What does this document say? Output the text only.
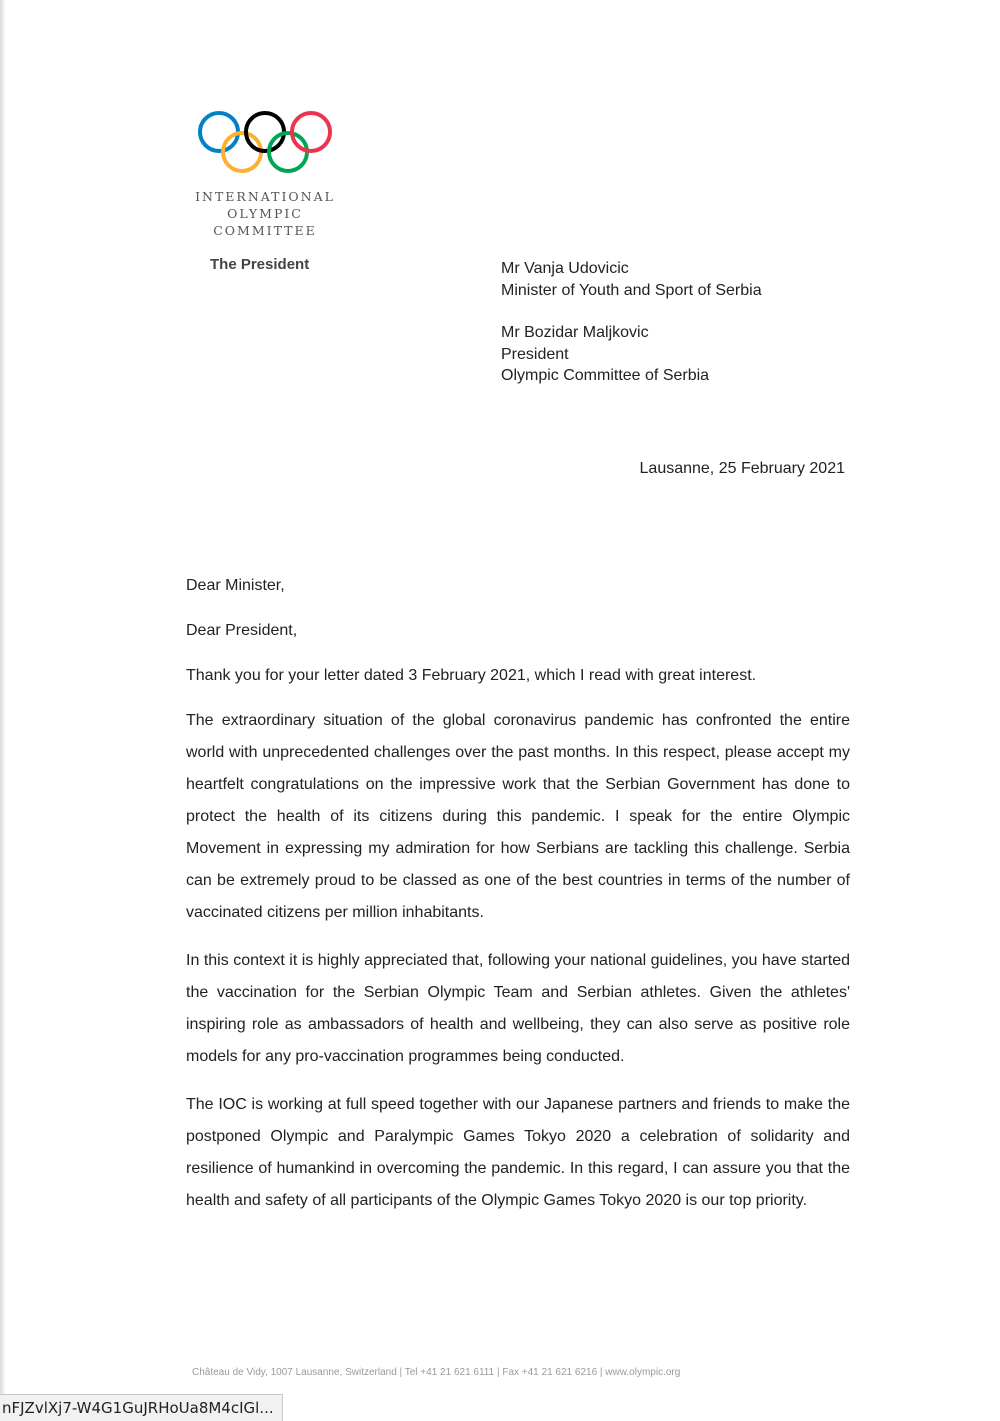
INTERNATIONAL
OLYMPIC
COMMITTEE
The President	Mr Vanja Udovicic
Minister of Youth and Sport of Serbia
Mr Bozidar Maljkovic
President
Olympic Committee of Serbia
Lausanne, 25 February 2021

Dear Minister,

Dear President,

Thank you for your letter dated 3 February 2021, which I read with great interest.

The extraordinary situation of the global coronavirus pandemic has confronted the entire world with unprecedented challenges over the past months. In this respect, please accept my heartfelt congratulations on the impressive work that the Serbian Government has done to protect the health of its citizens during this pandemic. I speak for the entire Olympic Movement in expressing my admiration for how Serbians are tackling this challenge. Serbia can be extremely proud to be classed as one of the best countries in terms of the number of vaccinated citizens per million inhabitants.

In this context it is highly appreciated that, following your national guidelines, you have started the vaccination for the Serbian Olympic Team and Serbian athletes. Given the athletes' inspiring role as ambassadors of health and wellbeing, they can also serve as positive role models for any pro-vaccination programmes being conducted.

The IOC is working at full speed together with our Japanese partners and friends to make the postponed Olympic and Paralympic Games Tokyo 2020 a celebration of solidarity and resilience of humankind in overcoming the pandemic. In this regard, I can assure you that the health and safety of all participants of the Olympic Games Tokyo 2020 is our top priority.

Château de Vidy, 1007 Lausanne, Switzerland | Tel +41 21 621 6111 | Fax +41 21 621 6216 | www.olympic.org
nFJZvlXj7-W4G1GuJRHoUa8M4cIGl...
